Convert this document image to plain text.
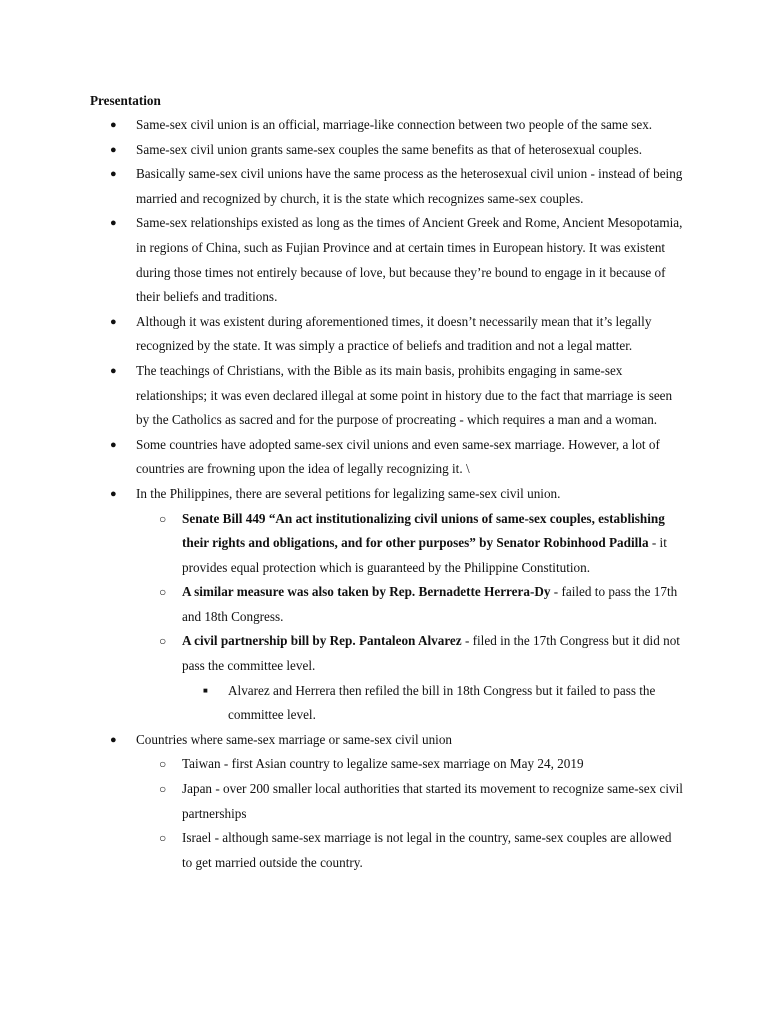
Presentation
● Same-sex civil union is an official, marriage-like connection between two people of the same sex.
● Same-sex civil union grants same-sex couples the same benefits as that of heterosexual couples.
● Basically same-sex civil unions have the same process as the heterosexual civil union - instead of being married and recognized by church, it is the state which recognizes same-sex couples.
● Same-sex relationships existed as long as the times of Ancient Greek and Rome, Ancient Mesopotamia, in regions of China, such as Fujian Province and at certain times in European history. It was existent during those times not entirely because of love, but because they’re bound to engage in it because of their beliefs and traditions.
● Although it was existent during aforementioned times, it doesn’t necessarily mean that it’s legally recognized by the state. It was simply a practice of beliefs and tradition and not a legal matter.
● The teachings of Christians, with the Bible as its main basis, prohibits engaging in same-sex relationships; it was even declared illegal at some point in history due to the fact that marriage is seen by the Catholics as sacred and for the purpose of procreating - which requires a man and a woman.
● Some countries have adopted same-sex civil unions and even same-sex marriage. However, a lot of countries are frowning upon the idea of legally recognizing it. \
● In the Philippines, there are several petitions for legalizing same-sex civil union.
○ Senate Bill 449 “An act institutionalizing civil unions of same-sex couples, establishing their rights and obligations, and for other purposes” by Senator Robinhood Padilla - it provides equal protection which is guaranteed by the Philippine Constitution.
○ A similar measure was also taken by Rep. Bernadette Herrera-Dy - failed to pass the 17th and 18th Congress.
○ A civil partnership bill by Rep. Pantaleon Alvarez - filed in the 17th Congress but it did not pass the committee level.
■ Alvarez and Herrera then refiled the bill in 18th Congress but it failed to pass the committee level.
● Countries where same-sex marriage or same-sex civil union
○ Taiwan - first Asian country to legalize same-sex marriage on May 24, 2019
○ Japan - over 200 smaller local authorities that started its movement to recognize same-sex civil partnerships
○ Israel - although same-sex marriage is not legal in the country, same-sex couples are allowed to get married outside the country.
